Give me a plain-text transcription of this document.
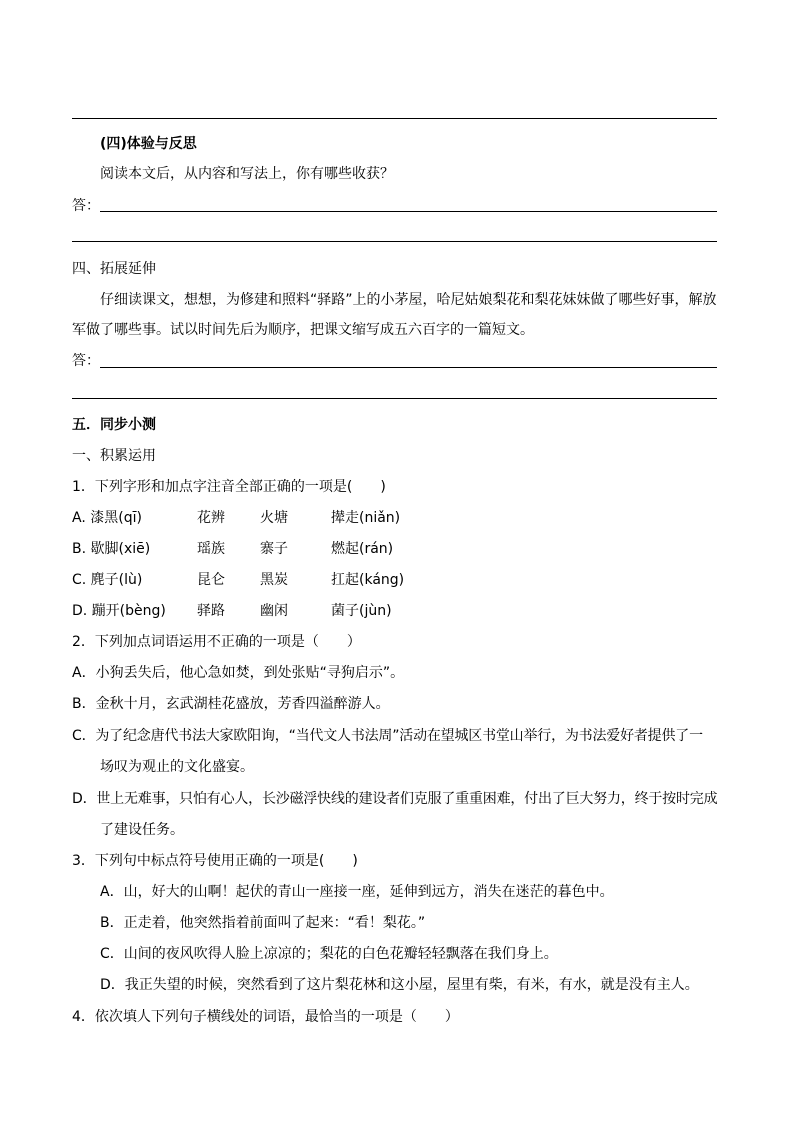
(四)体验与反思
阅读本文后，从内容和写法上，你有哪些收获？
答：
四、拓展延伸
仔细读课文，想想，为修建和照料“驿路”上的小茅屋，哈尼姑娘梨花和梨花妹妹做了哪些好事，解放
军做了哪些事。试以时间先后为顺序，把课文缩写成五六百字的一篇短文。
答：
五．同步小测
一、积累运用
1．下列字形和加点字注音全部正确的一项是(　　)
A. 漆黑(qī)	花辨	火塘	撵走(niǎn)
B. 歇脚(xiē)	瑶族	寨子	燃起(rán)
C. 麂子(lù)	昆仑	黑炭	扛起(káng)
D. 蹦开(bèng) 驿路	幽闲	菌子(jùn)
2．下列加点词语运用不正确的一项是（　　）
A．小狗丢失后，他心急如焚，到处张贴“寻狗启示”。
B．金秋十月，玄武湖桂花盛放，芳香四溢醉游人。
C．为了纪念唐代书法大家欧阳询，“当代文人书法周”活动在望城区书堂山举行，为书法爱好者提供了一
场叹为观止的文化盛宴。
D．世上无难事，只怕有心人，长沙磁浮快线的建设者们克服了重重困难，付出了巨大努力，终于按时完成
了建设任务。
3．下列句中标点符号使用正确的一项是(　　)
A．山，好大的山啊！起伏的青山一座接一座，延伸到远方，消失在迷茫的暮色中。
B．正走着，他突然指着前面叫了起来：“看！梨花。”
C．山间的夜风吹得人脸上凉凉的；梨花的白色花瓣轻轻飘落在我们身上。
D．我正失望的时候，突然看到了这片梨花林和这小屋，屋里有柴，有米，有水，就是没有主人。
4．依次填人下列句子横线处的词语，最恰当的一项是（　　）
